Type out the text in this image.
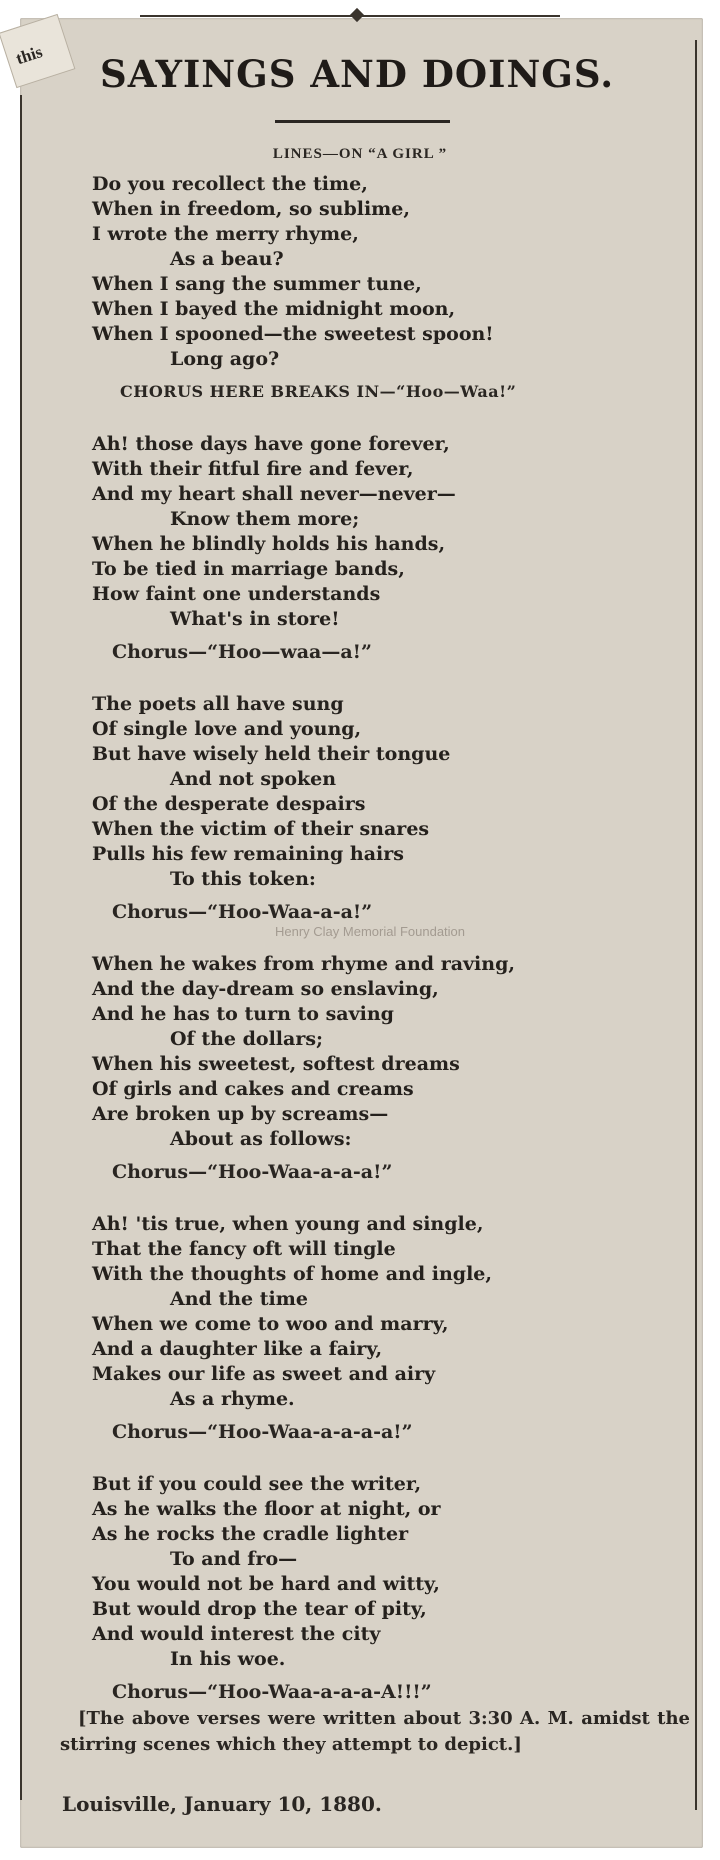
this	SAYINGS AND DOINGS.
LINES—ON “A GIRL ”
Do you recollect the time,
When in freedom, so sublime,
I wrote the merry rhyme,
As a beau?
When I sang the summer tune,
When I bayed the midnight moon,
When I spooned—the sweetest spoon!
Long ago?
CHORUS HERE BREAKS IN—“Hoo—Waa!”
Ah! those days have gone forever,
With their fitful fire and fever,
And my heart shall never—never—
Know them more;
When he blindly holds his hands,
To be tied in marriage bands,
How faint one understands
What's in store!
Chorus—“Hoo—waa—a!”
The poets all have sung
Of single love and young,
But have wisely held their tongue
And not spoken
Of the desperate despairs
When the victim of their snares
Pulls his few remaining hairs
To this token:
Chorus—“Hoo-Waa-a-a!”
When he wakes from rhyme and raving,
And the day-dream so enslaving,
And he has to turn to saving
Of the dollars;
When his sweetest, softest dreams
Of girls and cakes and creams
Are broken up by screams—
About as follows:
Chorus—“Hoo-Waa-a-a-a!”
Ah! 'tis true, when young and single,
That the fancy oft will tingle
With the thoughts of home and ingle,
And the time
When we come to woo and marry,
And a daughter like a fairy,
Makes our life as sweet and airy
As a rhyme.
Chorus—“Hoo-Waa-a-a-a-a!”
But if you could see the writer,
As he walks the floor at night, or
As he rocks the cradle lighter
To and fro—
You would not be hard and witty,
But would drop the tear of pity,
And would interest the city
In his woe.
Chorus—“Hoo-Waa-a-a-a-A!!!”
Henry Clay Memorial Foundation
[The above verses were written about 3:30 A. M. amidst the stirring scenes which they attempt to depict.]
Louisville, January 10, 1880.
